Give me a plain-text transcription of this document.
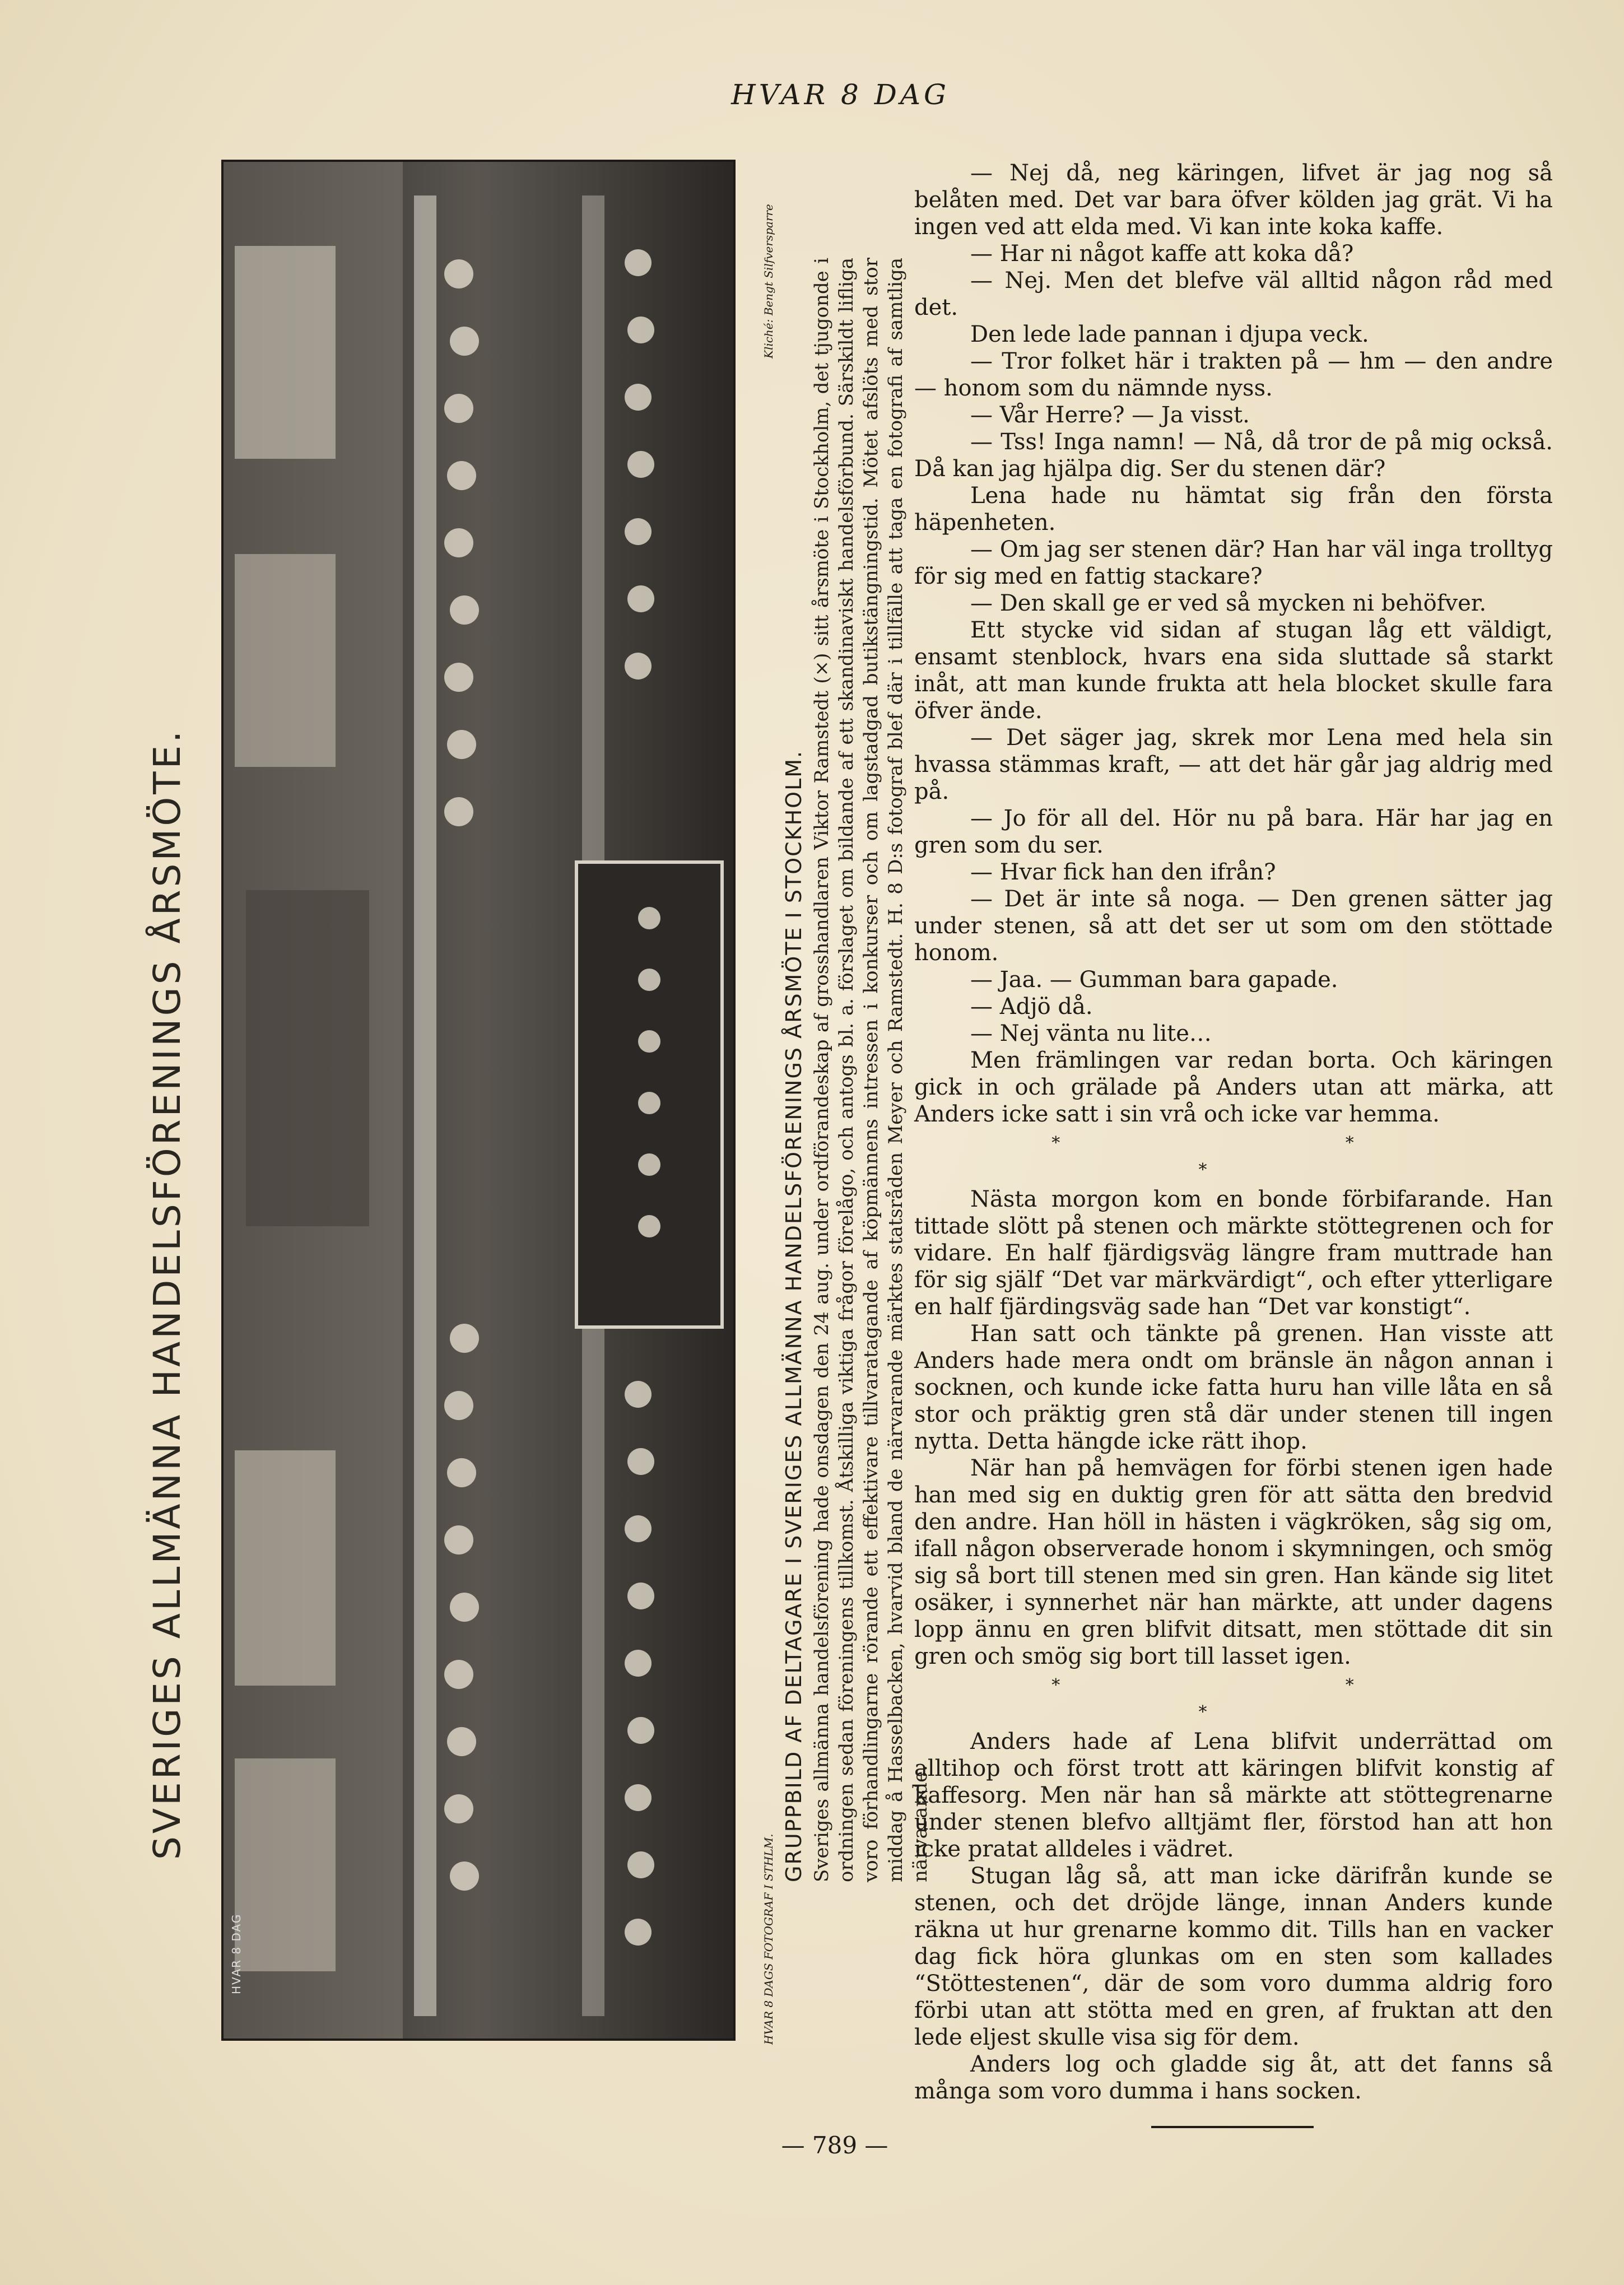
HVAR 8 DAG
SVERIGES ALLMÄNNA HANDELSFÖRENINGS ÅRSMÖTE.
HVAR 8 DAG	HVAR 8 DAGS FOTOGRAF I STHLM.
GRUPPBILD AF DELTAGARE I SVERIGES ALLMÄNNA HANDELSFÖRENINGS ÅRSMÖTE I STOCKHOLM. Sveriges allmänna handelsförening hade onsdagen den 24 aug. under ordförandeskap af grosshandlaren Viktor Ramstedt (×) sitt årsmöte i Stockholm, det tjugonde i ordningen sedan föreningens tillkomst. Åtskilliga viktiga frågor förelågo, och antogs bl. a. förslaget om bildande af ett skandinaviskt handelsförbund. Särskildt lifliga voro förhandlingarne rörande ett effektivare tillvaratagande af köpmännens intressen i konkurser och om lagstadgad butikstängningstid. Mötet afslöts med stor middag å Hasselbacken, hvarvid bland de närvarande märktes statsråden Meyer och Ramstedt. H. 8 D:s fotograf blef där i tillfälle att taga en fotografi af samtliga närvarande.
Kliché: Bengt Silfversparre

— Nej då, neg käringen, lifvet är jag nog så belåten med. Det var bara öfver kölden jag grät. Vi ha ingen ved att elda med. Vi kan inte koka kaffe.

— Har ni något kaffe att koka då?

— Nej. Men det blefve väl alltid någon råd med det.

Den lede lade pannan i djupa veck.

— Tror folket här i trakten på — hm — den andre — honom som du nämnde nyss.

— Vår Herre? — Ja visst.

— Tss! Inga namn! — Nå, då tror de på mig också. Då kan jag hjälpa dig. Ser du stenen där?

Lena hade nu hämtat sig från den första häpenheten.

— Om jag ser stenen där? Han har väl inga trolltyg för sig med en fattig stackare?

— Den skall ge er ved så mycken ni behöfver.

Ett stycke vid sidan af stugan låg ett väldigt, ensamt stenblock, hvars ena sida sluttade så starkt inåt, att man kunde frukta att hela blocket skulle fara öfver ände.

— Det säger jag, skrek mor Lena med hela sin hvassa stämmas kraft, — att det här går jag aldrig med på.

— Jo för all del. Hör nu på bara. Här har jag en gren som du ser.

— Hvar fick han den ifrån?

— Det är inte så noga. — Den grenen sätter jag under stenen, så att det ser ut som om den stöttade honom.

— Jaa. — Gumman bara gapade.

— Adjö då.

— Nej vänta nu lite…

Men främlingen var redan borta. Och käringen gick in och grälade på Anders utan att märka, att Anders icke satt i sin vrå och icke var hemma.

* * *

Nästa morgon kom en bonde förbifarande. Han tittade slött på stenen och märkte stöttegrenen och for vidare. En half fjärdigsväg längre fram muttrade han för sig själf “Det var märkvärdigt“, och efter ytterligare en half fjärdingsväg sade han “Det var konstigt“.

Han satt och tänkte på grenen. Han visste att Anders hade mera ondt om bränsle än någon annan i socknen, och kunde icke fatta huru han ville låta en så stor och präktig gren stå där under stenen till ingen nytta. Detta hängde icke rätt ihop.

När han på hemvägen for förbi stenen igen hade han med sig en duktig gren för att sätta den bredvid den andre. Han höll in hästen i vägkröken, såg sig om, ifall någon observerade honom i skymningen, och smög sig så bort till stenen med sin gren. Han kände sig litet osäker, i synnerhet när han märkte, att under dagens lopp ännu en gren blifvit ditsatt, men stöttade dit sin gren och smög sig bort till lasset igen.

* * *

Anders hade af Lena blifvit underrättad om alltihop och först trott att käringen blifvit konstig af kaffesorg. Men när han så märkte att stöttegrenarne under stenen blefvo alltjämt fler, förstod han att hon icke pratat alldeles i vädret.

Stugan låg så, att man icke därifrån kunde se stenen, och det dröjde länge, innan Anders kunde räkna ut hur grenarne kommo dit. Tills han en vacker dag fick höra glunkas om en sten som kallades “Stöttestenen“, där de som voro dumma aldrig foro förbi utan att stötta med en gren, af fruktan att den lede eljest skulle visa sig för dem.

Anders log och gladde sig åt, att det fanns så många som voro dumma i hans socken.

— 789 —
